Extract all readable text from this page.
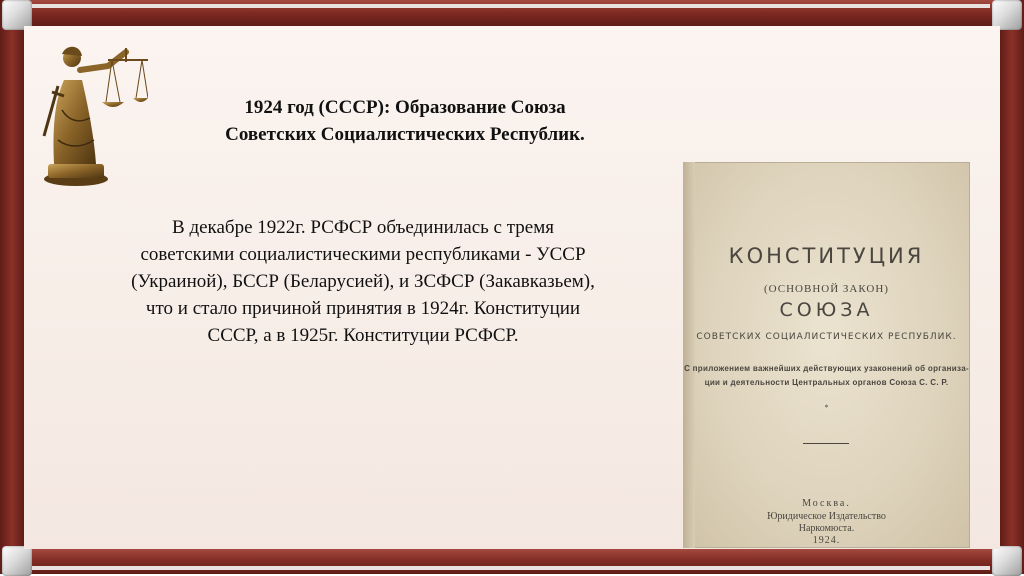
1924 год (СССР): Образование Союза
Советских Социалистических Республик.
В декабре 1922г. РСФСР объединилась с тремя
советскими социалистическими республиками - УССР
(Украиной), БССР (Беларусией), и ЗСФСР (Закавказьем),
что и стало причиной принятия в 1924г. Конституции
СССР, а в 1925г. Конституции РСФСР.
КОНСТИТУЦИЯ
(ОСНОВНОЙ ЗАКОН)
СОЮЗА
СОВЕТСКИХ СОЦИАЛИСТИЧЕСКИХ РЕСПУБЛИК.
С приложением важнейших действующих узаконений об организа-
ции и деятельности Центральных органов Союза С. С. Р.
*
Москва.
Юридическое Издательство
Наркомюста.
1924.
